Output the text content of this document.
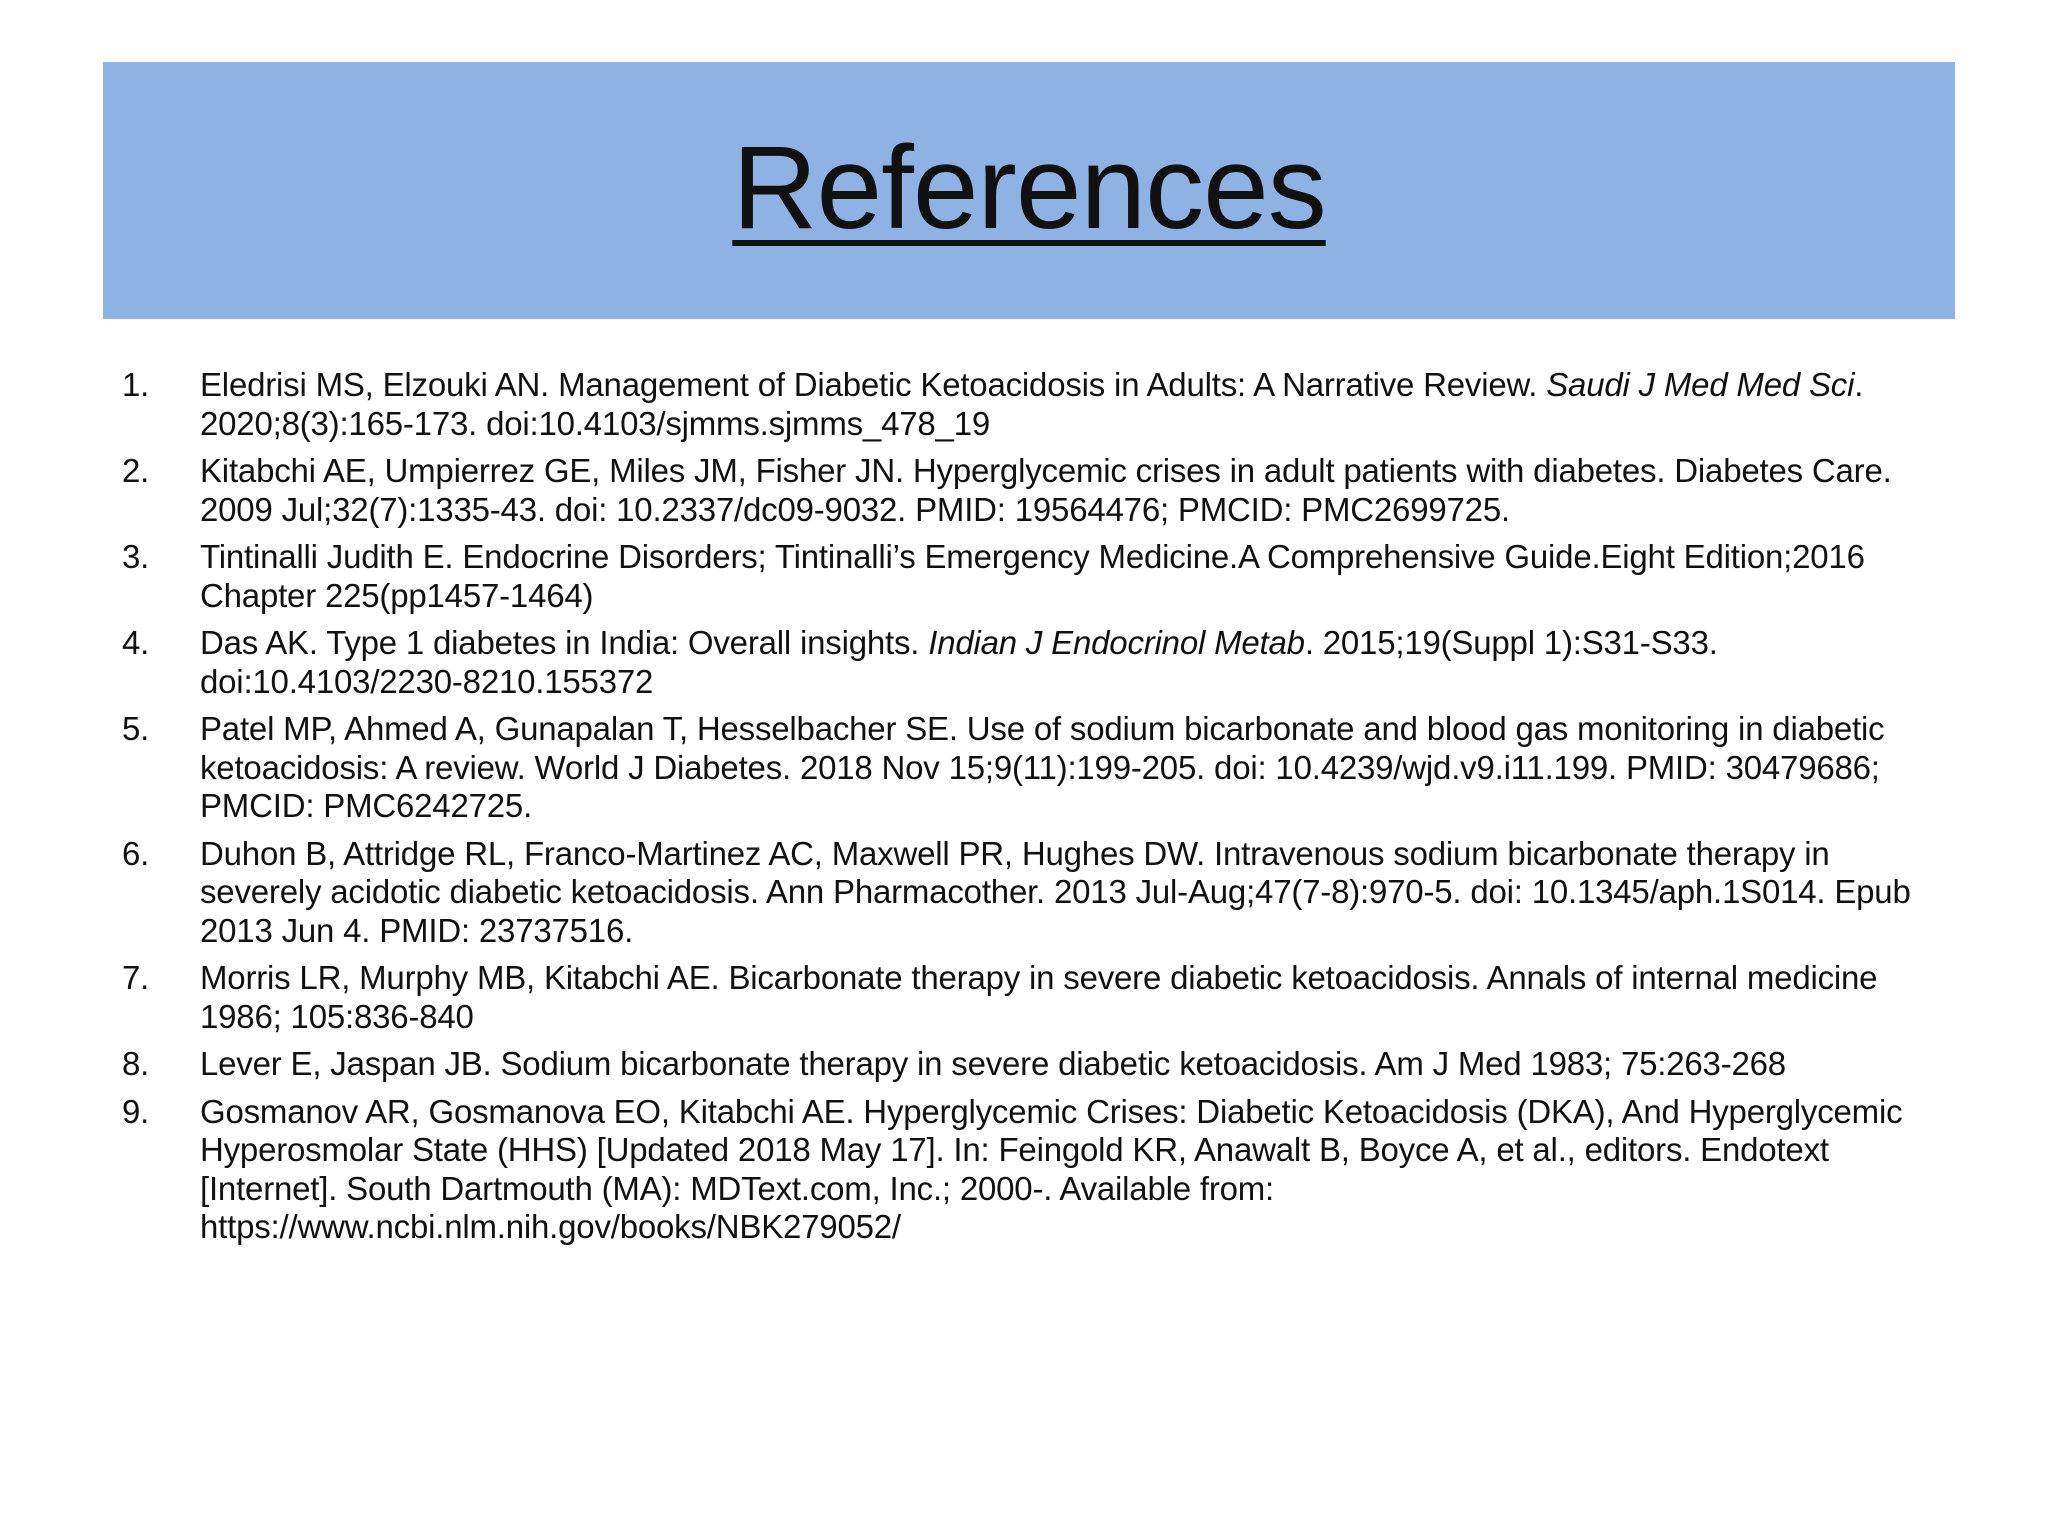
References
1.	Eledrisi MS, Elzouki AN. Management of Diabetic Ketoacidosis in Adults: A Narrative Review. Saudi J Med Med Sci. 2020;8(3):165-173. doi:10.4103/sjmms.sjmms_478_19
2.	Kitabchi AE, Umpierrez GE, Miles JM, Fisher JN. Hyperglycemic crises in adult patients with diabetes. Diabetes Care. 2009 Jul;32(7):1335-43. doi: 10.2337/dc09-9032. PMID: 19564476; PMCID: PMC2699725.
3.	Tintinalli Judith E. Endocrine Disorders; Tintinalli’s Emergency Medicine.A Comprehensive Guide.Eight Edition;2016 Chapter 225(pp1457-1464)
4.	Das AK. Type 1 diabetes in India: Overall insights. Indian J Endocrinol Metab. 2015;19(Suppl 1):S31-S33. doi:10.4103/2230-8210.155372
5.	Patel MP, Ahmed A, Gunapalan T, Hesselbacher SE. Use of sodium bicarbonate and blood gas monitoring in diabetic ketoacidosis: A review. World J Diabetes. 2018 Nov 15;9(11):199-205. doi: 10.4239/wjd.v9.i11.199. PMID: 30479686; PMCID: PMC6242725.
6.	Duhon B, Attridge RL, Franco-Martinez AC, Maxwell PR, Hughes DW. Intravenous sodium bicarbonate therapy in severely acidotic diabetic ketoacidosis. Ann Pharmacother. 2013 Jul-Aug;47(7-8):970-5. doi: 10.1345/aph.1S014. Epub 2013 Jun 4. PMID: 23737516.
7.	Morris LR, Murphy MB, Kitabchi AE. Bicarbonate therapy in severe diabetic ketoacidosis. Annals of internal medicine 1986; 105:836-840
8.	Lever E, Jaspan JB. Sodium bicarbonate therapy in severe diabetic ketoacidosis. Am J Med 1983; 75:263-268
9.	Gosmanov AR, Gosmanova EO, Kitabchi AE. Hyperglycemic Crises: Diabetic Ketoacidosis (DKA), And Hyperglycemic Hyperosmolar State (HHS) [Updated 2018 May 17]. In: Feingold KR, Anawalt B, Boyce A, et al., editors. Endotext [Internet]. South Dartmouth (MA): MDText.com, Inc.; 2000-. Available from: https://www.ncbi.nlm.nih.gov/books/NBK279052/
